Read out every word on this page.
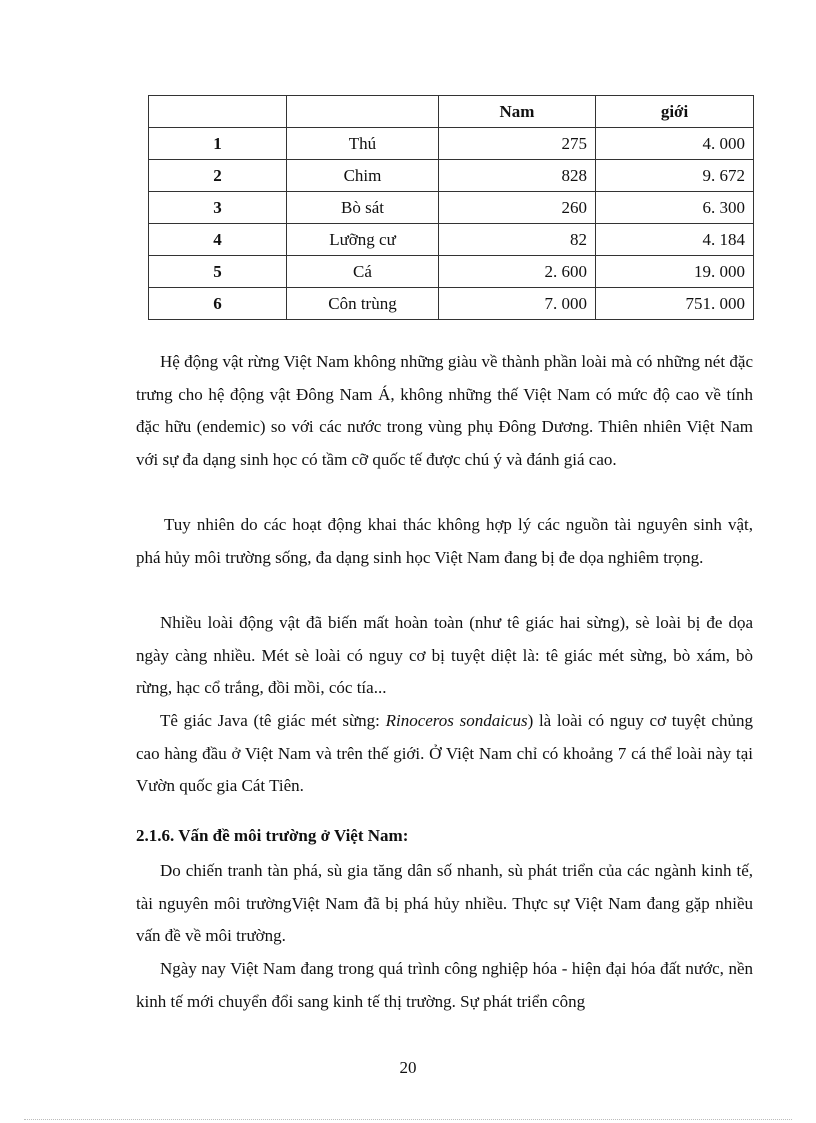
		Nam	giới
1	Thú	275	4. 000
2	Chim	828	9. 672
3	Bò sát	260	6. 300
4	Lưỡng cư	82	4. 184
5	Cá	2. 600	19. 000
6	Côn trùng	7. 000	751. 000

Hệ động vật rừng Việt Nam không những giàu về thành phần loài mà có những nét đặc trưng cho hệ động vật Đông Nam Á, không những thế Việt Nam có mức độ cao về tính đặc hữu (endemic) so với các nước trong vùng phụ Đông Dương. Thiên nhiên Việt Nam với sự đa dạng sinh học có tầm cỡ quốc tế được chú ý và đánh giá cao.

Tuy nhiên do các hoạt động khai thác không hợp lý các nguồn tài nguyên sinh vật, phá hủy môi trường sống, đa dạng sinh học Việt Nam đang bị đe dọa nghiêm trọng.

Nhiều loài động vật đã biến mất hoàn toàn (như tê giác hai sừng), sè loài bị đe dọa ngày càng nhiều. Mét sè loài có nguy cơ bị tuyệt diệt là: tê giác mét sừng, bò xám, bò rừng, hạc cổ trắng, đồi mồi, cóc tía...

Tê giác Java (tê giác mét sừng: Rinoceros sondaicus) là loài có nguy cơ tuyệt chủng cao hàng đầu ở Việt Nam và trên thế giới. Ở Việt Nam chỉ có khoảng 7 cá thể loài này tại Vườn quốc gia Cát Tiên.

2.1.6. Vấn đề môi trường ở Việt Nam:

Do chiến tranh tàn phá, sù gia tăng dân số nhanh, sù phát triển của các ngành kinh tế, tài nguyên môi trườngViệt Nam đã bị phá hủy nhiều. Thực sự Việt Nam đang gặp nhiều vấn đề về môi trường.

Ngày nay Việt Nam đang trong quá trình công nghiệp hóa - hiện đại hóa đất nước, nền kinh tế mới chuyển đổi sang kinh tế thị trường. Sự phát triển công

20
